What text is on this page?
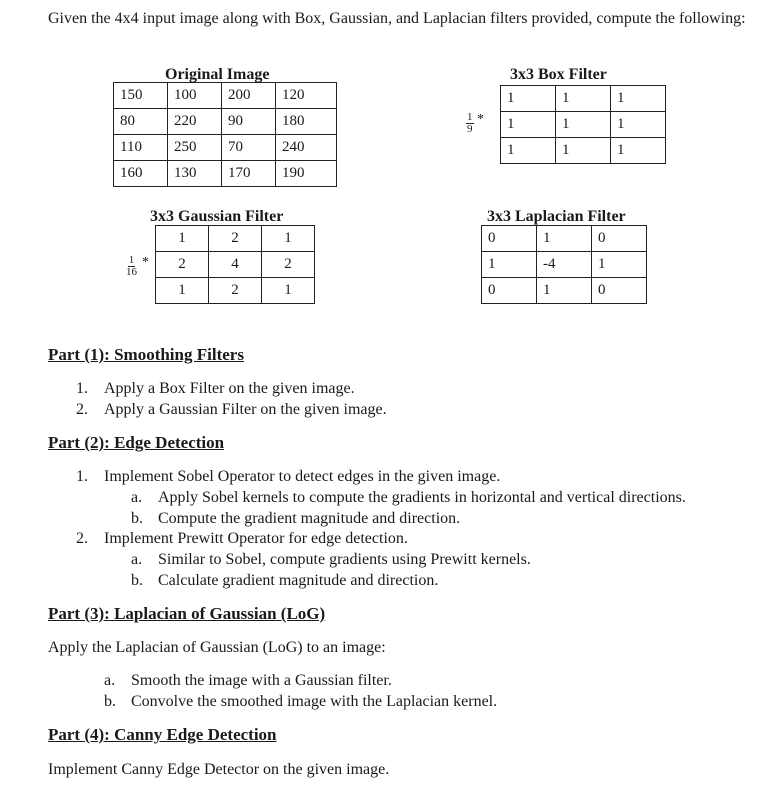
Given the 4x4 input image along with Box, Gaussian, and Laplacian filters provided, compute the following:
Original Image
150	100	200	120
80	220	90	180
110	250	70	240
160	130	170	190
3x3 Box Filter
$\frac{1}{9}$ *
1	1	1
1	1	1
1	1	1
3x3 Gaussian Filter
$\frac{1}{16}$ *
1	2	1
2	4	2
1	2	1
3x3 Laplacian Filter
0	1	0
1	-4	1
0	1	0
Part (1): Smoothing Filters
1. Apply a Box Filter on the given image.
2. Apply a Gaussian Filter on the given image.
Part (2): Edge Detection
1. Implement Sobel Operator to detect edges in the given image.
a. Apply Sobel kernels to compute the gradients in horizontal and vertical directions.
b. Compute the gradient magnitude and direction.
2. Implement Prewitt Operator for edge detection.
a. Similar to Sobel, compute gradients using Prewitt kernels.
b. Calculate gradient magnitude and direction.
Part (3): Laplacian of Gaussian (LoG)
Apply the Laplacian of Gaussian (LoG) to an image:
a. Smooth the image with a Gaussian filter.
b. Convolve the smoothed image with the Laplacian kernel.
Part (4): Canny Edge Detection
Implement Canny Edge Detector on the given image.
